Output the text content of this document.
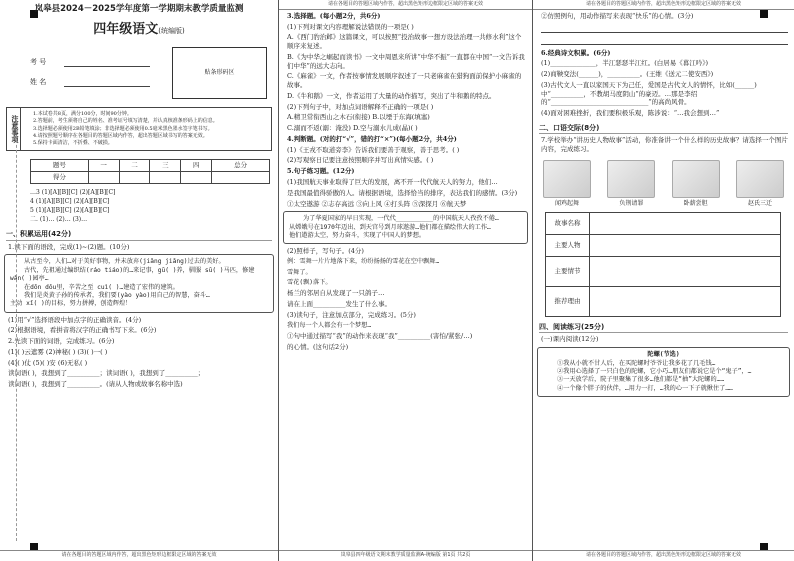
岚皋县2024－2025学年度第一学期期末教学质量监测
四年级语文(统编版)
考 号
姓 名
贴条形码区
注意事项
1.本试卷共8页，满分100分，时间90分钟。
2.答题前，考生须将自己的姓名、准考证号填写清楚，并认真核准条形码上的信息。
3.选择题必须使用2B铅笔填涂；非选择题必须使用0.5毫米黑色墨水签字笔书写。
4.请按照题号顺序在各题目的答题区域内作答，超出答题区域书写的答案无效。
5.保持卡面清洁，不折叠、不破损。
题号	一	二	三	四	总分
得分					
…3 (1)[A][B][C] (2)[A][B][C]
4 (1)[A][B][C] (2)[A][B][C]
5 (1)[A][B][C] (2)[A][B][C]
二. (1)… (2)… (3)…
一、积累运用(42分)
1.读下面的语段，完成(1)~(2)题。(10分)
从古至今，人们…对于美好事物，并未放弃(jiǎng jiǎng)过去的美好。
古代，先祖通过编织结(ráo tiáo)的…来记事，gū( )养，驯服 sū( )马匹，修建 wǎn( )园亭…
在dōn dǒu里，辛苦之至 cuì( )…建造了宏伟的建筑。
我们是炎黄子孙的传承者，我们要(yào yào)用自己的智慧，奋斗…
主动 xǐ( )的目标，努力拼搏，创造辉煌！
(1)用“√”选择语段中加点字的正确读音。(4分)
(2)根据语境，看拼音将汉字的正确书写下来。(6分)
2.先读下面的词语，完成练习。(6分)
(1)( )云遮雾 (2)神秘( ) (3)( )一( )
(4)( )仗 (5)( )安 (6)无私( )
读词语( )，我想到了__________；读词语( )，我想到了__________；
读词语( )，我想到了__________。(请从人物或故事名称中选)
请在各题目的答题区域内作答，超出黑色矩形边框限定区域的答案无效
请在各题目的答题区域内作答，超出黑色矩形边框限定区域的答案无效
3.选择题。(每小题2分，共6分)
(1)下列对课文内容理解说法错误的一项是( )
A.《西门豹治邺》这篇课文，可以按照“投治故事一想方设法治理一共修水利”这个顺序来复述。
B.《为中华之崛起而读书》一文中周恩来所讲“中华不振”一直都在中国“一文告诉我们中华”的远大志向。
C.《麻雀》一文，作者按事情发展顺序叙述了一只老麻雀在猎狗面前保护小麻雀的故事。
D.《牛和鹅》一文，作者运用了大量的动作描写，突出了牛和鹅的特点。
(2)下列句子中，对加点词语解释不正确的一项是( )
A.精卫常衔西山之木石(衔接) B.以堙于东海(填塞)
C.溺而不返(溺：淹没) D.空与溺水儿成(晶)( )
4.判断题。(对的打“√”，错的打“×”)(每小题2分，共4分)
(1)《王戎不取道旁李》告诉我们要善于观察，善于思考。( )
(2)写观察日记要注意按照顺序并写出真情实感。( )
5.句子练习题。(12分)
(1)我国航天事业取得了巨大的发展，离不开一代代航天人的努力，他们…
是我国最值得骄傲的人。请根据语境，选择恰当的排序，表达我们的感情。(3分)
①太空遨游 ②志存高远 ③向上风 ④打头阵 ⑤深探月 ⑥航天梦
为了华夏国家的早日实现，一代代__________的中国航天人孜孜不倦…
从嫦娥号在1970年迈出、到天宫号到月球遨游…他们都在描绘伟大的工作…
他们遨游太空，努力奋斗，实现了中国人的梦想。
(2)照样子，写句子。(4分)
例：雪舞一片片地落下来，纷纷扬扬的雪花在空中飘舞…
雪舞了。
雪花(飘)落下。
杨兰的邻居自从发现了一只鸽子…
请在上面__________发生了什么事。
(3)读句子，注意加点部分，完成练习。(5分)
我们每一个人都会有一个梦想…
①句中通过描写“我”的动作来表现“我”__________(害怕/紧张/…)
的心情。(这句话2分)
岚皋县四年级语文期末教学质量监测A-统编版 第1页 共2页
请在各题目的答题区域内作答，超出黑色矩形边框限定区域的答案无效
②仿照例句，用动作描写来表现“快乐”的心情。(3分)
6.经典诗文积累。(6分)
(1)______________，半江瑟瑟半江红。(白居易《暮江吟》)
(2)商鞅变法(______)，__________。(王维《送元二使安西》)
(3)古代文人一直以家国天下为己任，爱国是古代文人的情怀，比如(______)中“__________，不教胡马度阴山”的豪迈。…那是李绍的“______________________________”的高尚风骨。
(4)面对困难挫折，我们要积极乐观，陈涉说：“…我会想到…”
二、口语交际(8分)
7.学校举办“讲历史人物故事”活动，你准备讲一个什么样的历史故事？请选择一个图片内容，完成练习。
闻鸡起舞	负荆请罪	卧薪尝胆	赵氏三迁
故事名称	
主要人物	
主要情节	
推荐理由	
四、阅读练习(25分)
(一)课内阅读(12分)
陀螺(节选)
①我从小就不甘人后，在买陀螺时爷爷让我多花了几毛钱…
②我用心选择了一只白色的陀螺，它小巧…朋友们都说它是个“鬼子”，…
③一天放学后，院子里聚集了很多…他们都是“抽”大陀螺的……
④一个像个胖子的伙伴，…用力一打，…我的心一下子就揪住了……
请在各题目的答题区域内作答，超出黑色矩形边框限定区域的答案无效
